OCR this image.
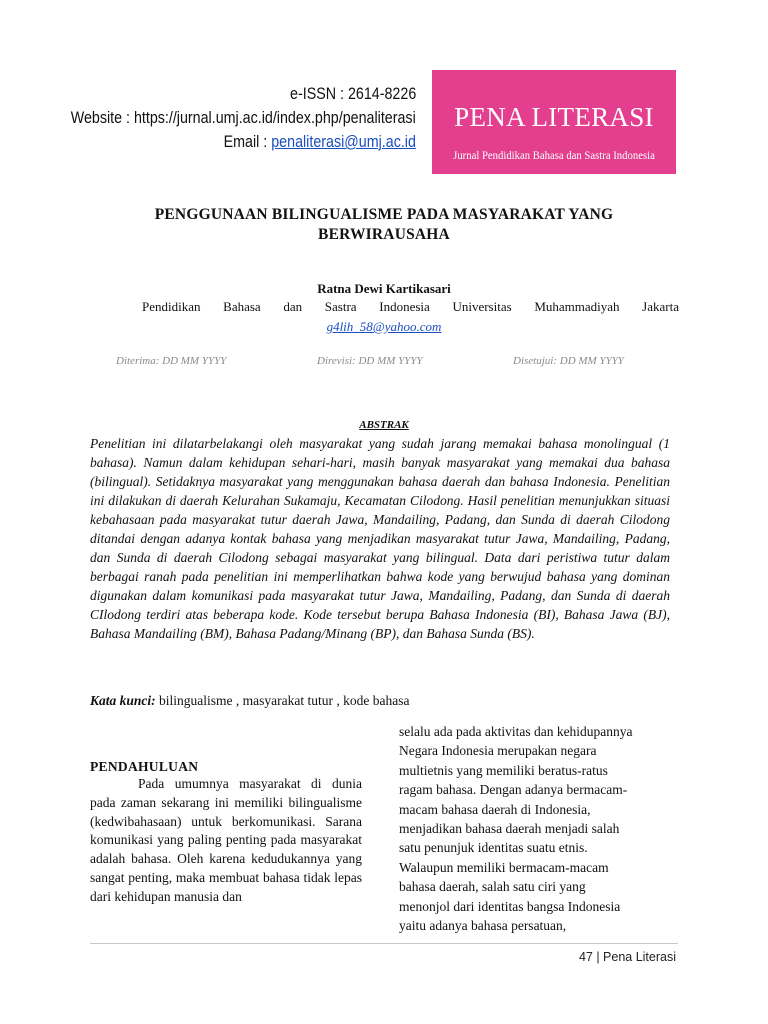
e-ISSN : 2614-8226
Website : https://jurnal.umj.ac.id/index.php/penaliterasi
Email : penaliterasi@umj.ac.id
PENA LITERASI
Jurnal Pendidikan Bahasa dan Sastra Indonesia
PENGGUNAAN BILINGUALISME PADA MASYARAKAT YANG
BERWIRAUSAHA
Ratna Dewi Kartikasari
Pendidikan Bahasa dan Sastra Indonesia Universitas Muhammadiyah Jakarta
g4lih_58@yahoo.com
Diterima: DD MM YYYY	Direvisi: DD MM YYYY	Disetujui: DD MM YYYY
ABSTRAK
Penelitian ini dilatarbelakangi oleh masyarakat yang sudah jarang memakai bahasa monolingual (1 bahasa). Namun dalam kehidupan sehari-hari, masih banyak masyarakat yang memakai dua bahasa (bilingual). Setidaknya masyarakat yang menggunakan bahasa daerah dan bahasa Indonesia. Penelitian ini dilakukan di daerah Kelurahan Sukamaju, Kecamatan Cilodong. Hasil penelitian menunjukkan situasi kebahasaan pada masyarakat tutur daerah Jawa, Mandailing, Padang, dan Sunda di daerah Cilodong ditandai dengan adanya kontak bahasa yang menjadikan masyarakat tutur Jawa, Mandailing, Padang, dan Sunda di daerah Cilodong sebagai masyarakat yang bilingual. Data dari peristiwa tutur dalam berbagai ranah pada penelitian ini memperlihatkan bahwa kode yang berwujud bahasa yang dominan digunakan dalam komunikasi pada masyarakat tutur Jawa, Mandailing, Padang, dan Sunda di daerah CIlodong terdiri atas beberapa kode. Kode tersebut berupa Bahasa Indonesia (BI), Bahasa Jawa (BJ), Bahasa Mandailing (BM), Bahasa Padang/Minang (BP), dan Bahasa Sunda (BS).
Kata kunci: bilingualisme , masyarakat tutur , kode bahasa
PENDAHULUAN
Pada umumnya masyarakat di dunia pada zaman sekarang ini memiliki bilingualisme (kedwibahasaan) untuk berkomunikasi. Sarana komunikasi yang paling penting pada masyarakat adalah bahasa. Oleh karena kedudukannya yang sangat penting, maka membuat bahasa tidak lepas dari kehidupan manusia dan
selalu ada pada aktivitas dan kehidupannya
Negara Indonesia merupakan negara
multietnis yang memiliki beratus-ratus
ragam bahasa. Dengan adanya bermacam-
macam bahasa daerah di Indonesia,
menjadikan bahasa daerah menjadi salah
satu penunjuk identitas suatu etnis.
Walaupun memiliki bermacam-macam
bahasa daerah, salah satu ciri yang
menonjol dari identitas bangsa Indonesia
yaitu adanya bahasa persatuan,
47 | Pena Literasi
